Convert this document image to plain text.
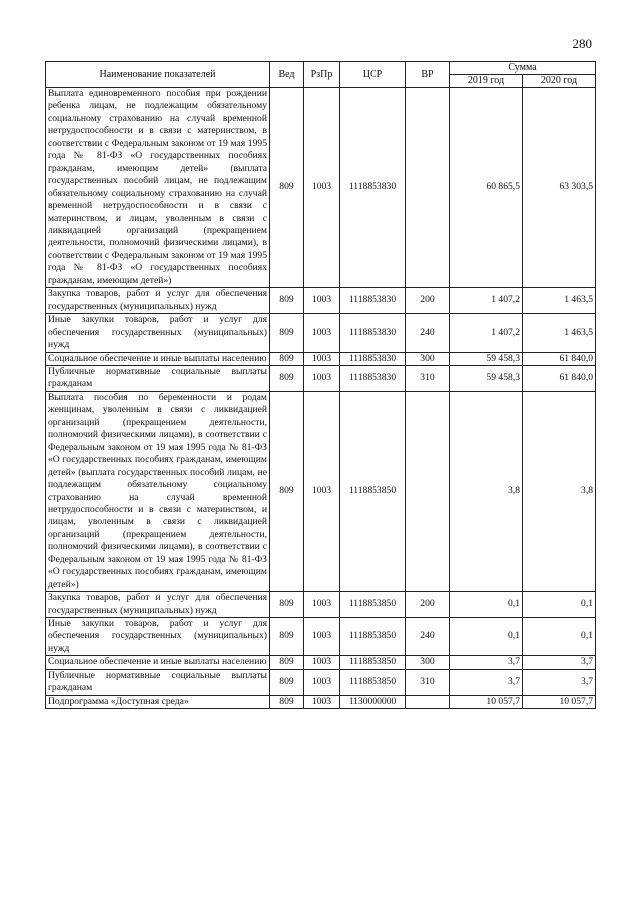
280
Наименование показателей	Вед	РзПр	ЦСР	ВР	Сумма	
					2019 год	2020 год
Выплата единовременного пособия при рождении ребенка лицам, не подлежащим обязательному социальному страхованию на случай временной нетрудоспособности и в связи с материнством, в соответствии с Федеральным законом от 19 мая 1995 года № 81-ФЗ «О государственных пособиях гражданам, имеющим детей» (выплата государственных пособий лицам, не подлежащим обязательному социальному страхованию на случай временной нетрудоспособности и в связи с материнством, и лицам, уволенным в связи с ликвидацией организаций (прекращением деятельности, полномочий физическими лицами), в соответствии с Федеральным законом от 19 мая 1995 года № 81-ФЗ «О государственных пособиях гражданам, имеющим детей»)	809	1003	1118853830		60 865,5	63 303,5
Закупка товаров, работ и услуг для обеспечения государственных (муниципальных) нужд	809	1003	1118853830	200	1 407,2	1 463,5
Иные закупки товаров, работ и услуг для обеспечения государственных (муниципальных) нужд	809	1003	1118853830	240	1 407,2	1 463,5
Социальное обеспечение и иные выплаты населению	809	1003	1118853830	300	59 458,3	61 840,0
Публичные нормативные социальные выплаты гражданам	809	1003	1118853830	310	59 458,3	61 840,0
Выплата пособия по беременности и родам женщинам, уволенным в связи с ликвидацией организаций (прекращением деятельности, полномочий физическими лицами), в соответствии с Федеральным законом от 19 мая 1995 года № 81-ФЗ «О государственных пособиях гражданам, имеющим детей» (выплата государственных пособий лицам, не подлежащим обязательному социальному страхованию на случай временной нетрудоспособности и в связи с материнством, и лицам, уволенным в связи с ликвидацией организаций (прекращением деятельности, полномочий физическими лицами), в соответствии с Федеральным законом от 19 мая 1995 года № 81-ФЗ «О государственных пособиях гражданам, имеющим детей»)	809	1003	1118853850		3,8	3,8
Закупка товаров, работ и услуг для обеспечения государственных (муниципальных) нужд	809	1003	1118853850	200	0,1	0,1
Иные закупки товаров, работ и услуг для обеспечения государственных (муниципальных) нужд	809	1003	1118853850	240	0,1	0,1
Социальное обеспечение и иные выплаты населению	809	1003	1118853850	300	3,7	3,7
Публичные нормативные социальные выплаты гражданам	809	1003	1118853850	310	3,7	3,7
Подпрограмма «Доступная среда»	809	1003	1130000000		10 057,7	10 057,7
